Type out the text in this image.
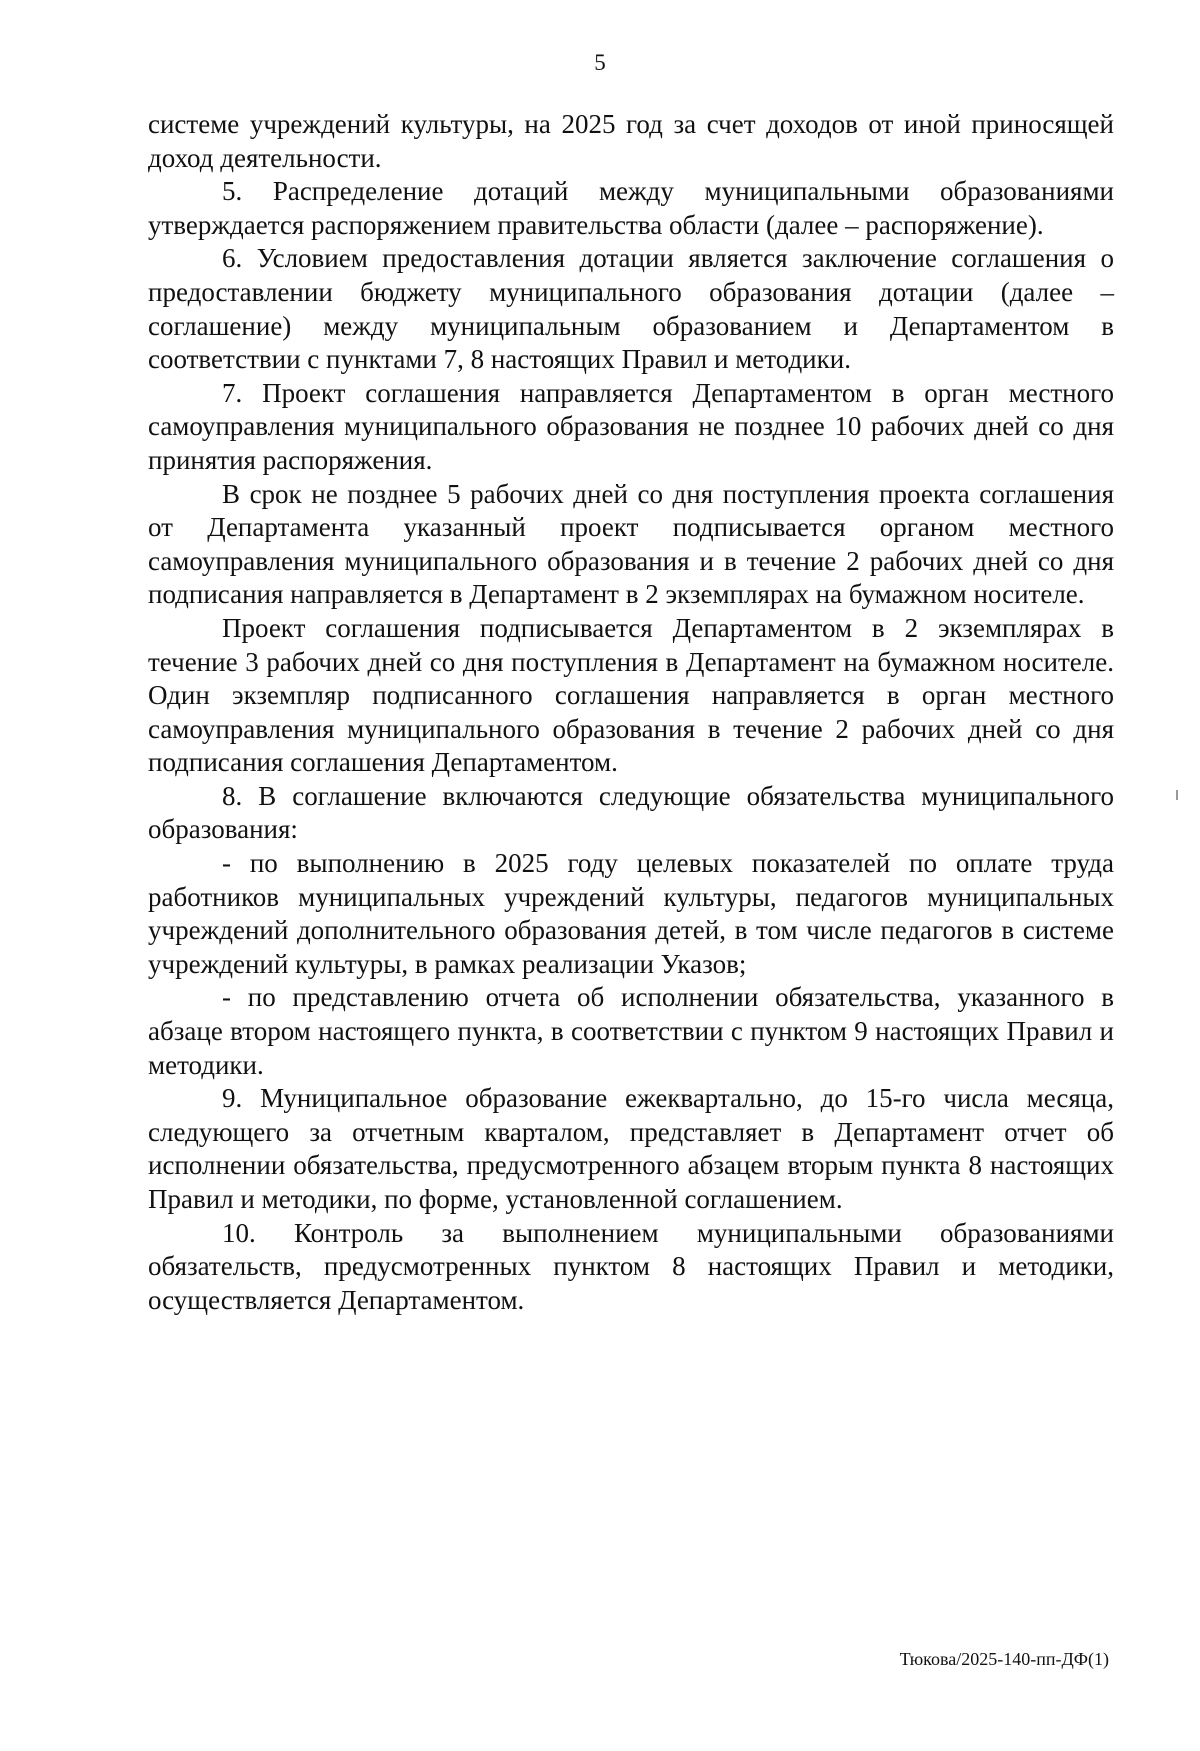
5

системе учреждений культуры, на 2025 год за счет доходов от иной приносящей доход деятельности.

5. Распределение дотаций между муниципальными образованиями утверждается распоряжением правительства области (далее – распоряжение).

6. Условием предоставления дотации является заключение соглашения о предоставлении бюджету муниципального образования дотации (далее – соглашение) между муниципальным образованием и Департаментом в соответствии с пунктами 7, 8 настоящих Правил и методики.

7. Проект соглашения направляется Департаментом в орган местного самоуправления муниципального образования не позднее 10 рабочих дней со дня принятия распоряжения.

В срок не позднее 5 рабочих дней со дня поступления проекта соглашения от Департамента указанный проект подписывается органом местного самоуправления муниципального образования и в течение 2 рабочих дней со дня подписания направляется в Департамент в 2 экземплярах на бумажном носителе.

Проект соглашения подписывается Департаментом в 2 экземплярах в течение 3 рабочих дней со дня поступления в Департамент на бумажном носителе. Один экземпляр подписанного соглашения направляется в орган местного самоуправления муниципального образования в течение 2 рабочих дней со дня подписания соглашения Департаментом.

8. В соглашение включаются следующие обязательства муниципального образования:

- по выполнению в 2025 году целевых показателей по оплате труда работников муниципальных учреждений культуры, педагогов муниципальных учреждений дополнительного образования детей, в том числе педагогов в системе учреждений культуры, в рамках реализации Указов;

- по представлению отчета об исполнении обязательства, указанного в абзаце втором настоящего пункта, в соответствии с пунктом 9 настоящих Правил и методики.

9. Муниципальное образование ежеквартально, до 15-го числа месяца, следующего за отчетным кварталом, представляет в Департамент отчет об исполнении обязательства, предусмотренного абзацем вторым пункта 8 настоящих Правил и методики, по форме, установленной соглашением.

10. Контроль за выполнением муниципальными образованиями обязательств, предусмотренных пунктом 8 настоящих Правил и методики, осуществляется Департаментом.

Тюкова/2025-140-пп-ДФ(1)
